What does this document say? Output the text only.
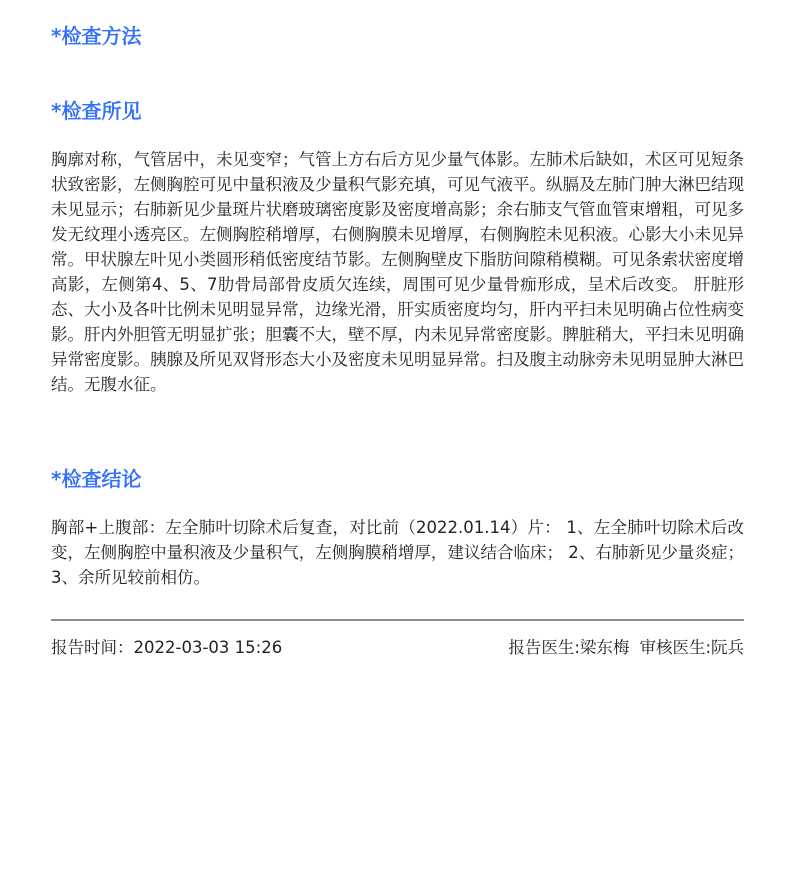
*检查方法
*检查所见
胸廓对称，气管居中，未见变窄；气管上方右后方见少量气体影。左肺术后缺如，术区可见短条状致密影，左侧胸腔可见中量积液及少量积气影充填，可见气液平。纵膈及左肺门肿大淋巴结现未见显示；右肺新见少量斑片状磨玻璃密度影及密度增高影；余右肺支气管血管束增粗，可见多发无纹理小透亮区。左侧胸腔稍增厚，右侧胸膜未见增厚，右侧胸腔未见积液。心影大小未见异常。甲状腺左叶见小类圆形稍低密度结节影。左侧胸壁皮下脂肪间隙稍模糊。可见条索状密度增高影，左侧第4、5、7肋骨局部骨皮质欠连续，周围可见少量骨痂形成，呈术后改变。 肝脏形态、大小及各叶比例未见明显异常，边缘光滑，肝实质密度均匀，肝内平扫未见明确占位性病变影。肝内外胆管无明显扩张；胆囊不大，壁不厚，内未见异常密度影。脾脏稍大，平扫未见明确异常密度影。胰腺及所见双肾形态大小及密度未见明显异常。扫及腹主动脉旁未见明显肿大淋巴结。无腹水征。
*检查结论
胸部+上腹部：左全肺叶切除术后复查，对比前（2022.01.14）片： 1、左全肺叶切除术后改变，左侧胸腔中量积液及少量积气，左侧胸膜稍增厚，建议结合临床； 2、右肺新见少量炎症； 3、余所见较前相仿。
报告时间：2022-03-03 15:26	报告医生:梁东梅 审核医生:阮兵
